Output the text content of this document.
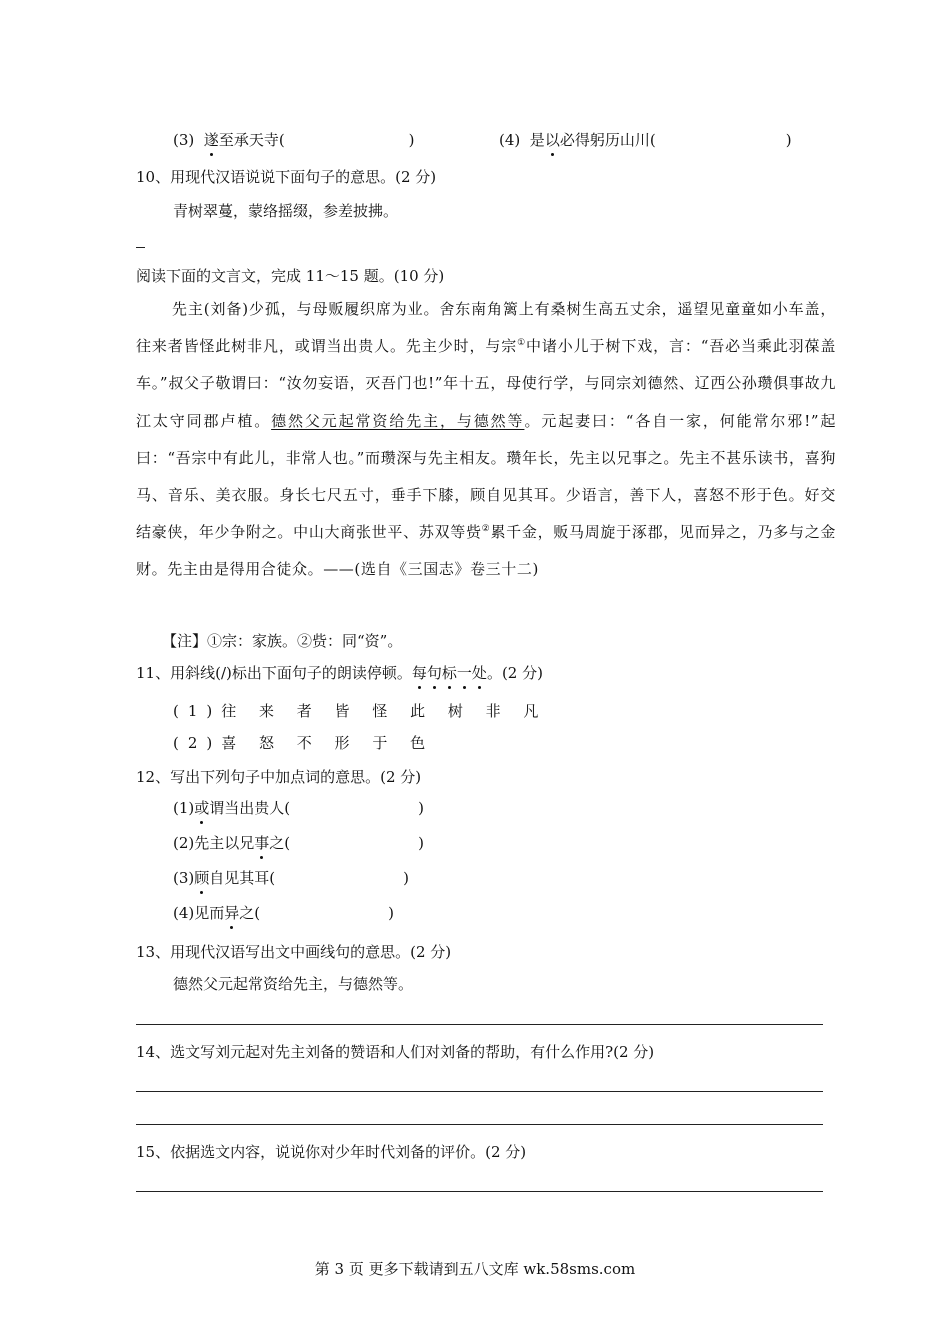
(3) 遂至承天寺(	)	(4) 是以必得躬历山川(	)
10、用现代汉语说说下面句子的意思。(2 分)
青树翠蔓，蒙络摇缀，参差披拂。
阅读下面的文言文，完成 11～15 题。(10 分)

先主(刘备)少孤，与母贩履织席为业。舍东南角篱上有桑树生高五丈余，遥望见童童如小车盖，往来者皆怪此树非凡，或谓当出贵人。先主少时，与宗①中诸小儿于树下戏，言：“吾必当乘此羽葆盖车。”叔父子敬谓曰：“汝勿妄语，灭吾门也!”年十五，母使行学，与同宗刘德然、辽西公孙瓒俱事故九江太守同郡卢植。德然父元起常资给先主，与德然等。元起妻曰：“各自一家，何能常尔邪!”起曰：“吾宗中有此儿，非常人也。”而瓒深与先主相友。瓒年长，先主以兄事之。先主不甚乐读书，喜狗马、音乐、美衣服。身长七尺五寸，垂手下膝，顾自见其耳。少语言，善下人，喜怒不形于色。好交结豪侠，年少争附之。中山大商张世平、苏双等赀②累千金，贩马周旋于涿郡，见而异之，乃多与之金财。先主由是得用合徒众。——(选自《三国志》卷三十二)

【注】①宗：家族。②赀：同“资”。
11、用斜线(/)标出下面句子的朗读停顿。每句标一处。(2 分)
(1)往 来 者 皆 怪 此 树 非 凡
(2)喜 怒 不 形 于 色
12、写出下列句子中加点词的意思。(2 分)
(1)或谓当出贵人(	)
(2)先主以兄事之(	)
(3)顾自见其耳(	)
(4)见而异之(	)
13、用现代汉语写出文中画线句的意思。(2 分)
德然父元起常资给先主，与德然等。
14、选文写刘元起对先主刘备的赞语和人们对刘备的帮助，有什么作用?(2 分)
15、依据选文内容，说说你对少年时代刘备的评价。(2 分)
第 3 页 更多下载请到五八文库 wk.58sms.com
